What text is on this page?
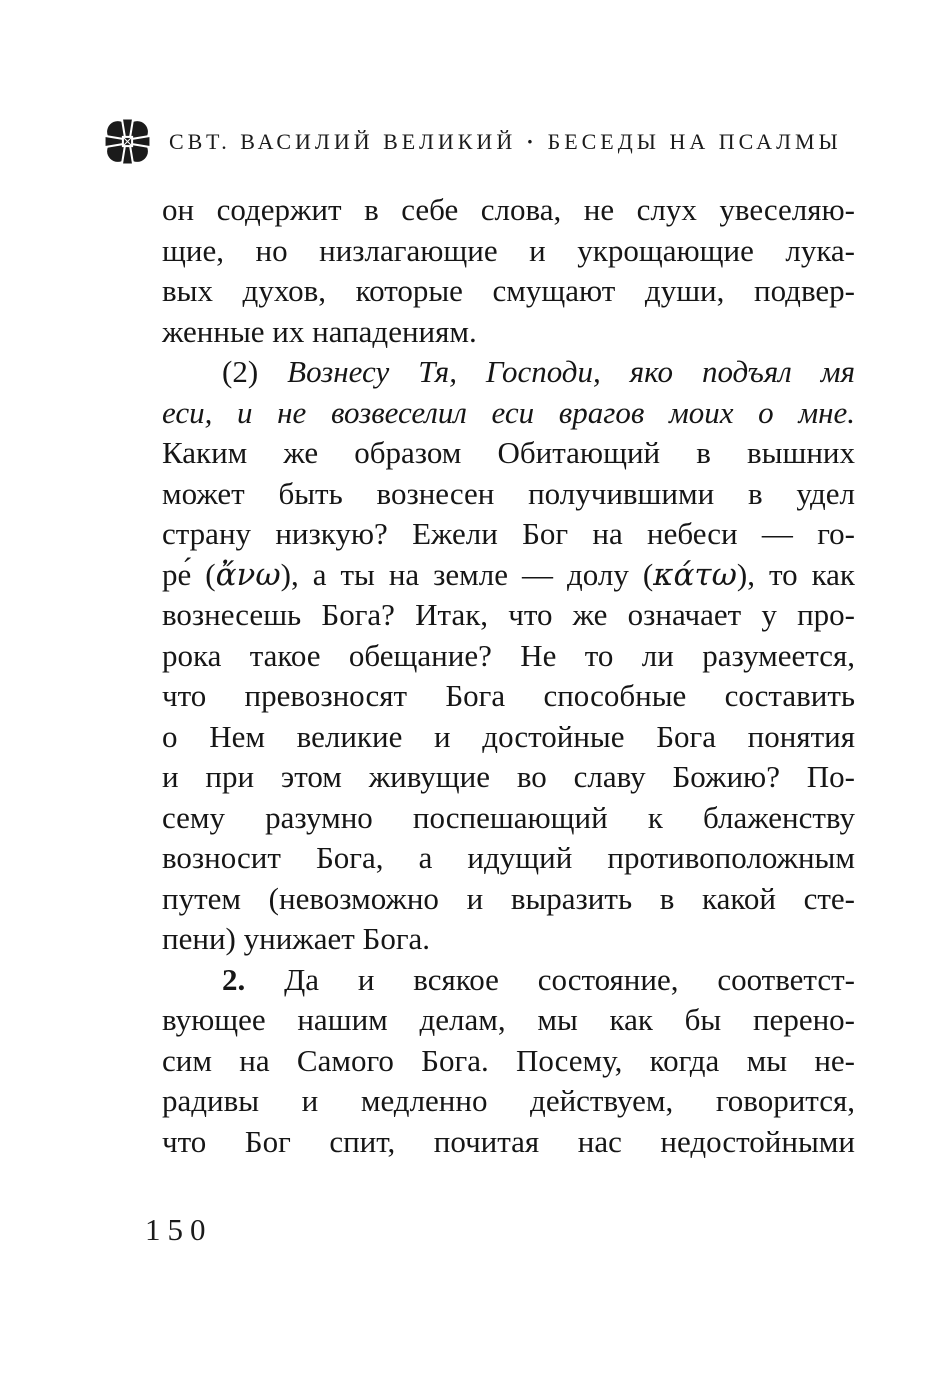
СВТ. ВАСИЛИЙ ВЕЛИКИЙ · БЕСЕДЫ НА ПСАЛМЫ
он содержит в себе слова, не слух увеселяю-
щие, но низлагающие и укрощающие лука-
вых духов, которые смущают души, подвер-
женные их нападениям.
(2) Вознесу Тя, Господи, яко подъял мя
еси, и не возвеселил еси врагов моих о мне.
Каким же образом Обитающий в вышних
может быть вознесен получившими в удел
страну низкую? Ежели Бог на небеси — го-
ре́ (ἄνω), а ты на земле — долу (κάτω), то как
вознесешь Бога? Итак, что же означает у про-
рока такое обещание? Не то ли разумеется,
что превозносят Бога способные составить
о Нем великие и достойные Бога понятия
и при этом живущие во славу Божию? По-
сему разумно поспешающий к блаженству
возносит Бога, а идущий противоположным
путем (невозможно и выразить в какой сте-
пени) унижает Бога.
2. Да и всякое состояние, соответст-
вующее нашим делам, мы как бы перено-
сим на Самого Бога. Посему, когда мы не-
радивы и медленно действуем, говорится,
что Бог спит, почитая нас недостойными
150
